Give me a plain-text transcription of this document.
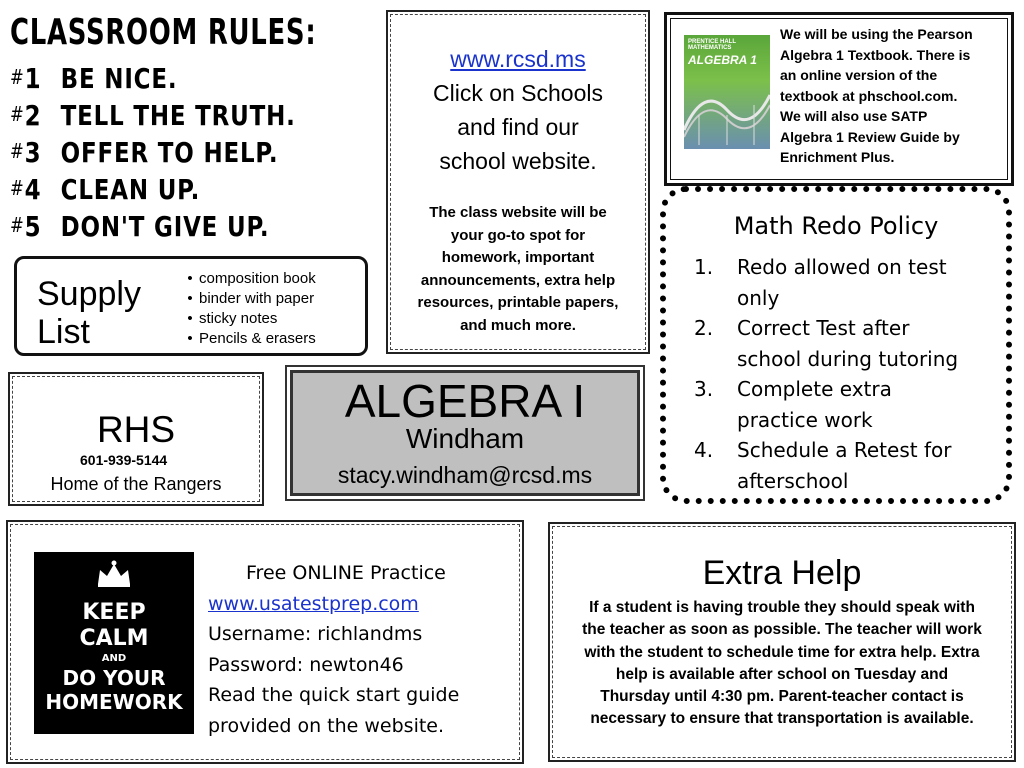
CLASSROOM RULES:
#1 BE NICE.
#2 TELL THE TRUTH.
#3 OFFER TO HELP.
#4 CLEAN UP.
#5 DON'T GIVE UP.
Supply
List
• composition book
• binder with paper
• sticky notes
• Pencils & erasers
www.rcsd.ms
Click on Schools
and find our
school website.
The class website will be your go-to spot for homework, important announcements, extra help resources, printable papers, and much more.
PRENTICE HALL MATHEMATICS
ALGEBRA 1
We will be using the Pearson Algebra 1 Textbook. There is an online version of the textbook at phschool.com.
We will also use SATP Algebra 1 Review Guide by Enrichment Plus.
RHS
601-939-5144
Home of the Rangers
ALGEBRA I
Windham
stacy.windham@rcsd.ms
Math Redo Policy
1. Redo allowed on test
only
2. Correct Test after
school during tutoring
3. Complete extra
practice work
4. Schedule a Retest for
afterschool
KEEP
CALM
AND
DO YOUR
HOMEWORK
Free ONLINE Practice
www.usatestprep.com
Username: richlandms
Password: newton46
Read the quick start guide
provided on the website.
Extra Help
If a student is having trouble they should speak with the teacher as soon as possible. The teacher will work with the student to schedule time for extra help. Extra help is available after school on Tuesday and Thursday until 4:30 pm. Parent-teacher contact is necessary to ensure that transportation is available.
